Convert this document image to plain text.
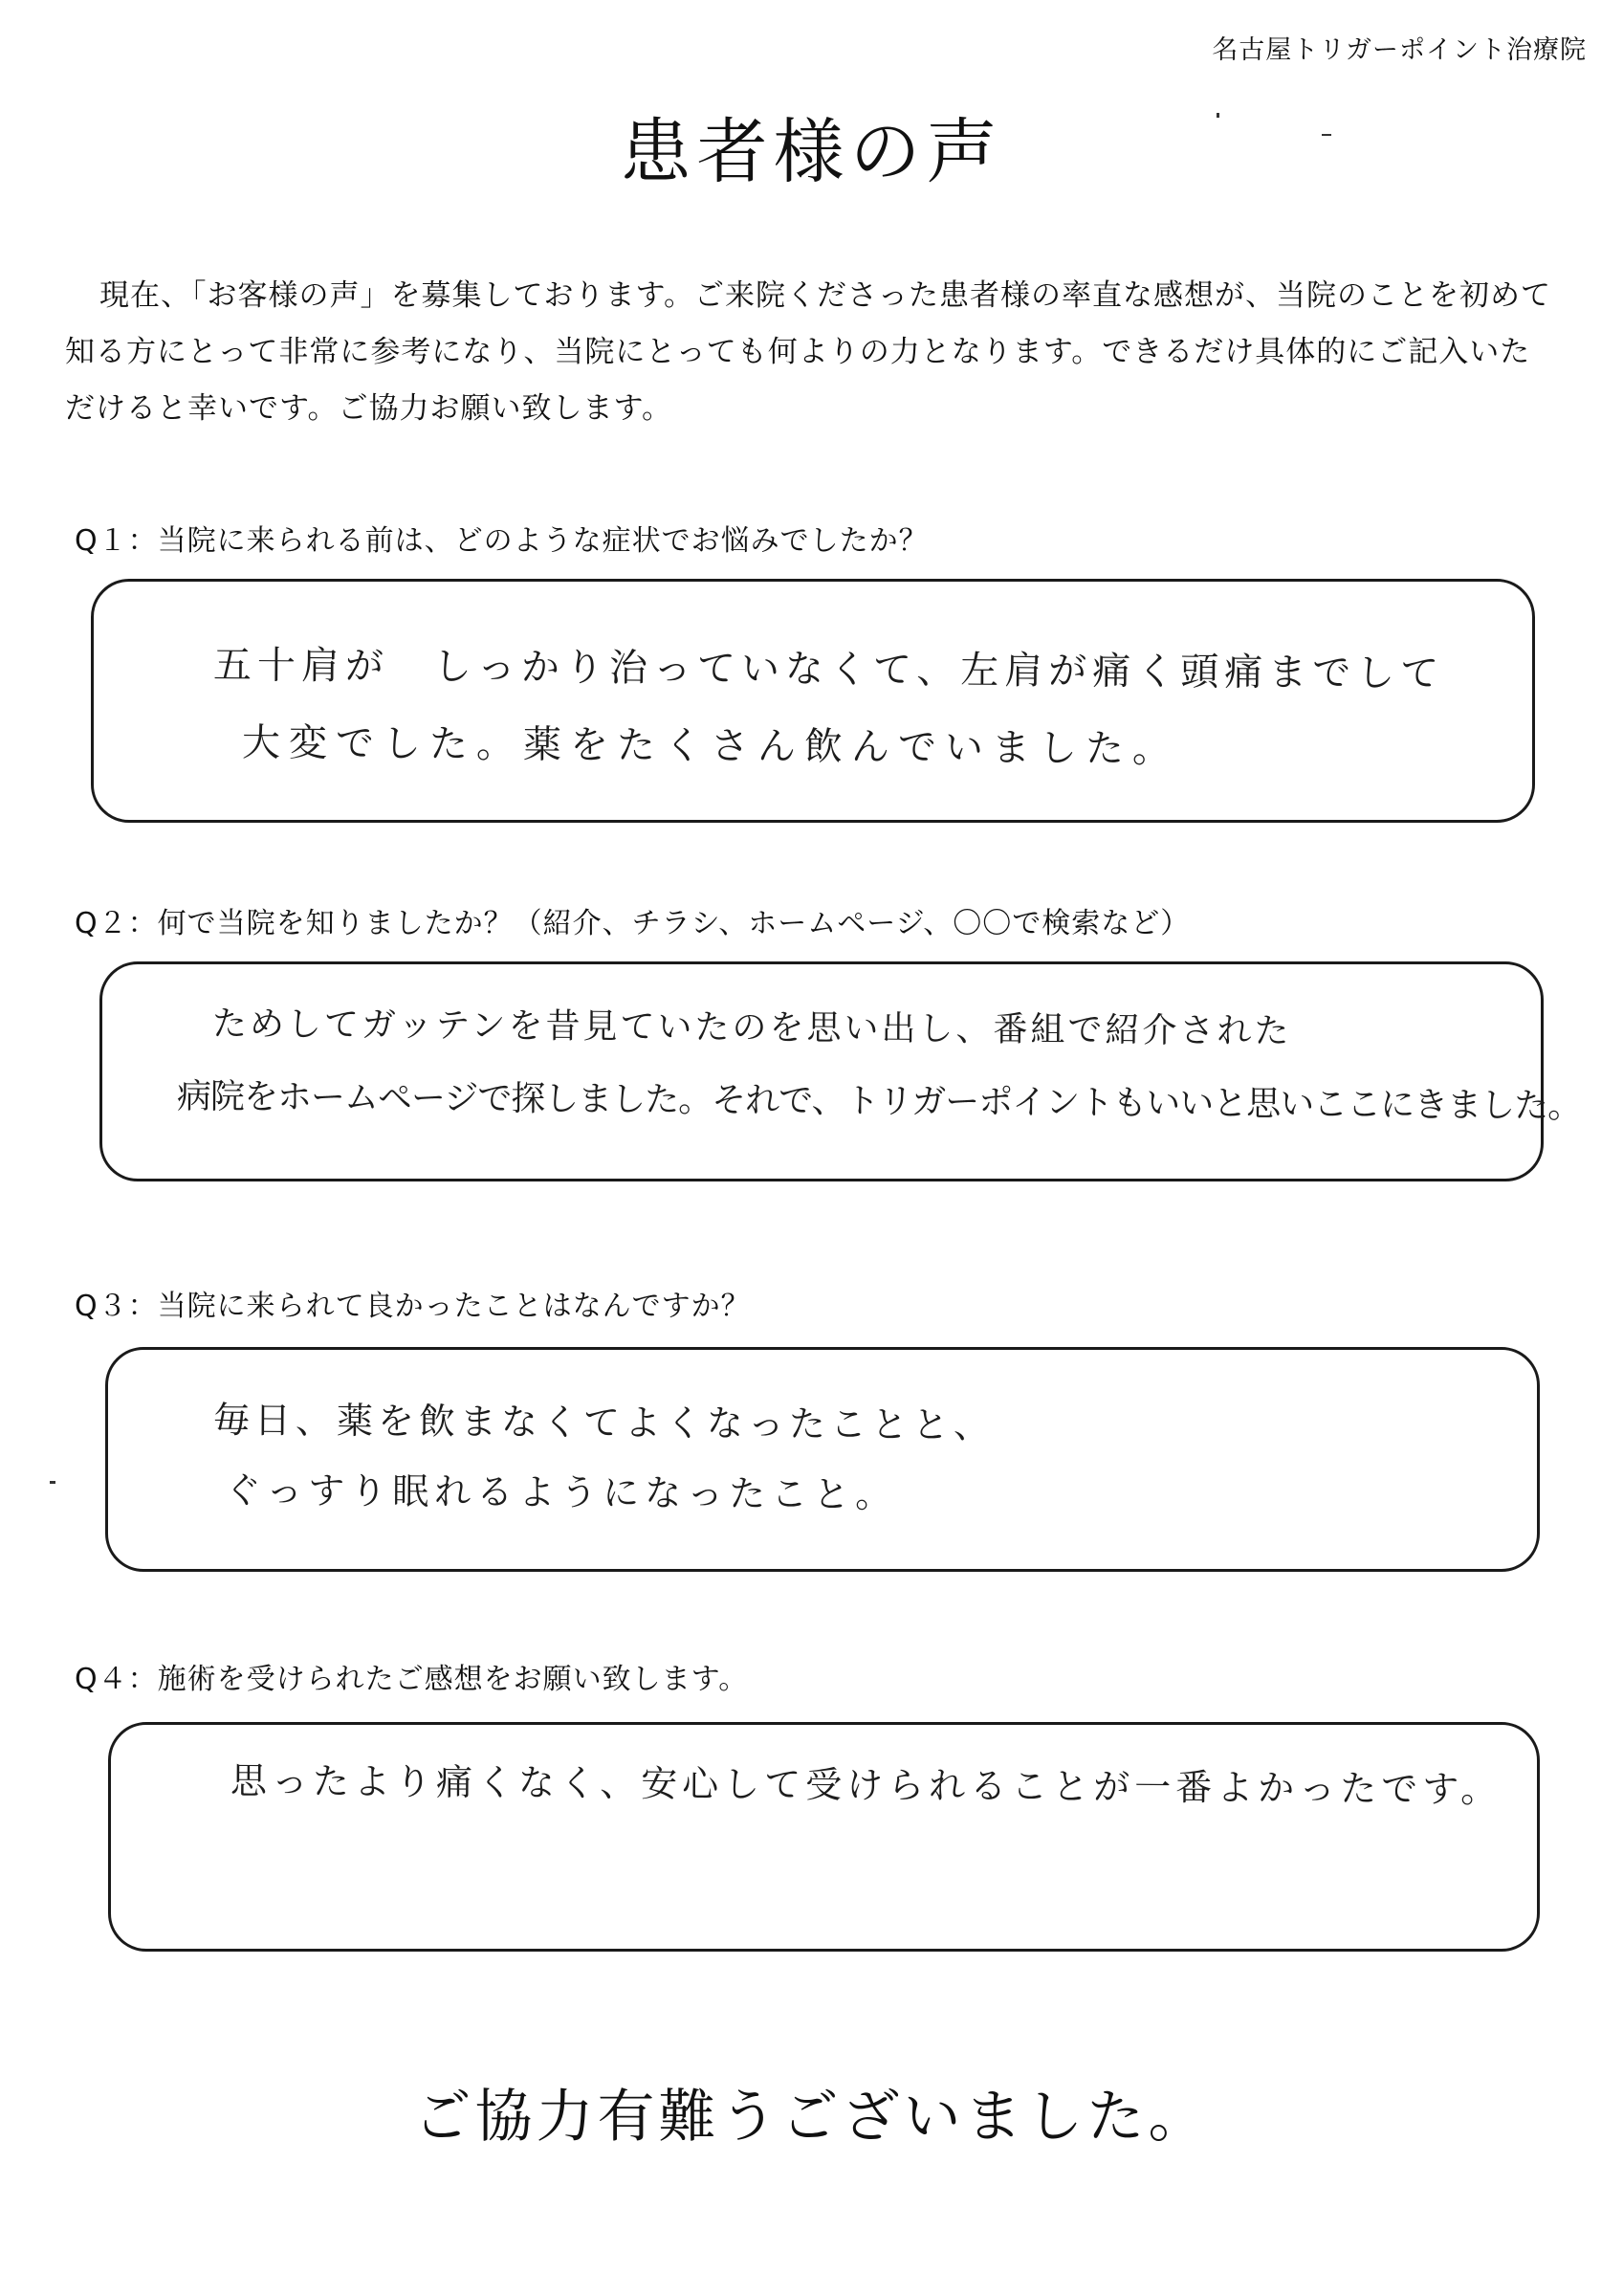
名古屋トリガーポイント治療院
患者様の声
現在、「お客様の声」を募集しております。ご来院くださった患者様の率直な感想が、当院のことを初めて知る方にとって非常に参考になり、当院にとっても何よりの力となります。できるだけ具体的にご記入いただけると幸いです。ご協力お願い致します。
Q１：当院に来られる前は、どのような症状でお悩みでしたか？
五十肩が　しっかり治っていなくて、左肩が痛く頭痛までして
大変でした。薬をたくさん飲んでいました。
Q２：何で当院を知りましたか？（紹介、チラシ、ホームページ、〇〇で検索など）
ためしてガッテンを昔見ていたのを思い出し、番組で紹介された
病院をホームページで探しました。それで、トリガーポイントもいいと思いここにきました。
Q３：当院に来られて良かったことはなんですか？
毎日、薬を飲まなくてよくなったことと、
ぐっすり眠れるようになったこと。
Q４：施術を受けられたご感想をお願い致します。
思ったより痛くなく、安心して受けられることが一番よかったです。
ご協力有難うございました。
